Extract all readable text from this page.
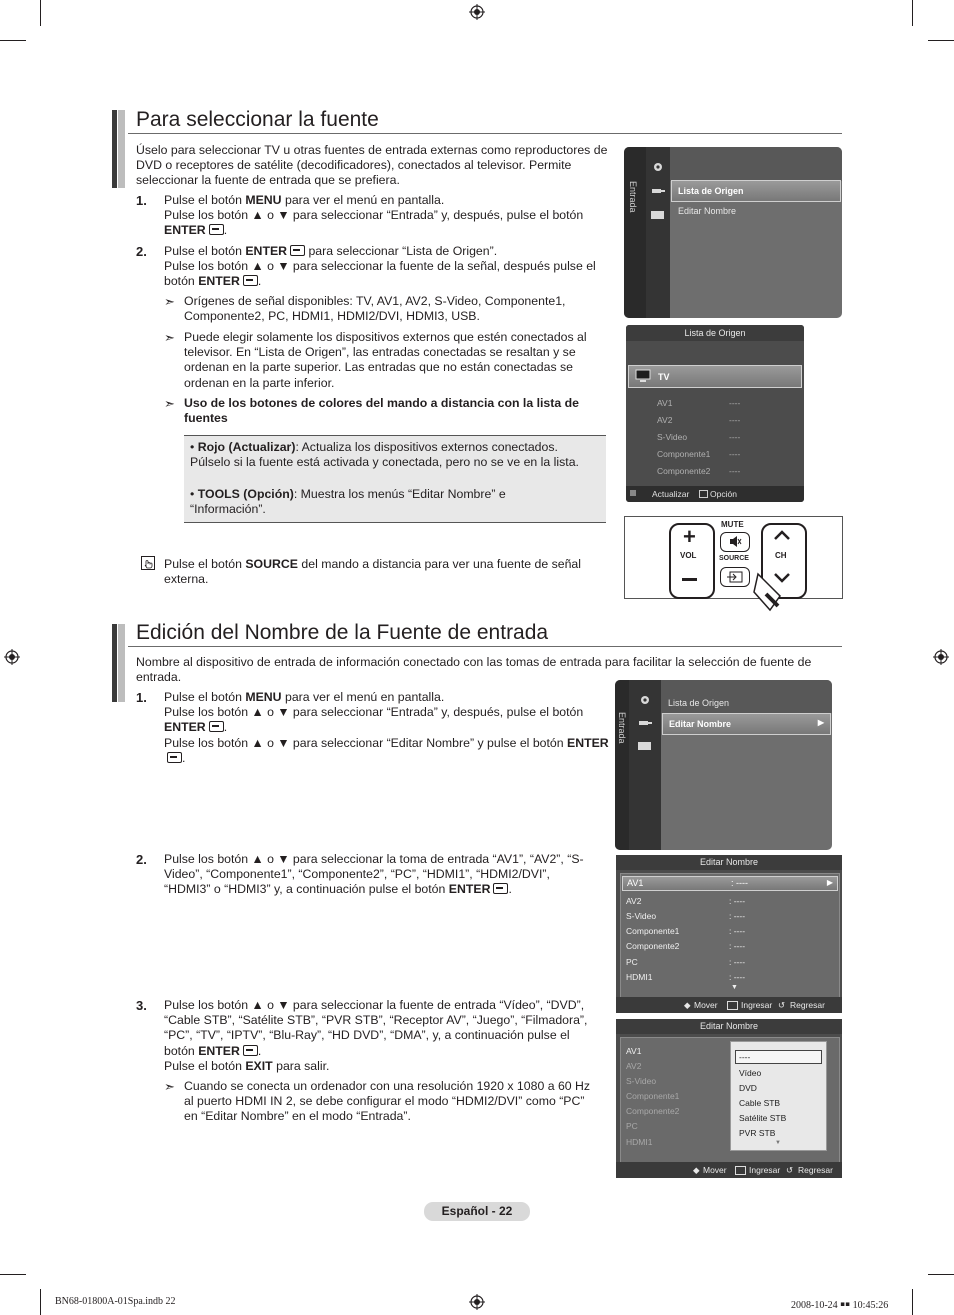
Para seleccionar la fuente
Úselo para seleccionar TV u otras fuentes de entrada externas como reproductores de DVD o receptores de satélite (decodificadores), conectados al televisor. Permite seleccionar la fuente de entrada que se prefiera.
1. Pulse el botón MENU para ver el menú en pantalla.
Pulse los botón ▲ o ▼ para seleccionar “Entrada” y, después, pulse el botón ENTER .
2. Pulse el botón ENTER para seleccionar “Lista de Origen”.
Pulse los botón ▲ o ▼ para seleccionar la fuente de la señal, después pulse el botón ENTER .
➣ Orígenes de señal disponibles: TV, AV1, AV2, S-Video, Componente1, Componente2, PC, HDMI1, HDMI2/DVI, HDMI3, USB.
➣ Puede elegir solamente los dispositivos externos que estén conectados al televisor. En “Lista de Origen”, las entradas conectadas se resaltan y se ordenan en la parte superior. Las entradas que no están conectadas se ordenan en la parte inferior.
➣ Uso de los botones de colores del mando a distancia con la lista de fuentes
• Rojo (Actualizar): Actualiza los dispositivos externos conectados. Púlselo si la fuente está activada y conectada, pero no se ve en la lista.
• TOOLS (Opción): Muestra los menús “Editar Nombre” e “Información”.
Pulse el botón SOURCE del mando a distancia para ver una fuente de señal externa.
Entrada	Lista de Origen
Editar Nombre
Lista de Origen
TV
AV1	----
AV2	----
S-Video	----
Componente1 ----
Componente2 ----
Actualizar Opción
+
VOL
MUTE
SOURCE	CH
Edición del Nombre de la Fuente de entrada
Nombre al dispositivo de entrada de información conectado con las tomas de entrada para facilitar la selección de fuente de entrada.
1. Pulse el botón MENU para ver el menú en pantalla.
Pulse los botón ▲ o ▼ para seleccionar “Entrada” y, después, pulse el botón ENTER .
Pulse los botón ▲ o ▼ para seleccionar “Editar Nombre” y pulse el botón ENTER.
2. Pulse los botón ▲ o ▼ para seleccionar la toma de entrada “AV1”, “AV2”, “S-Video”, “Componente1”, “Componente2”, “PC”, “HDMI1”, “HDMI2/DVI”, “HDMI3” o “HDMI3” y, a continuación pulse el botón ENTER .
3. Pulse los botón ▲ o ▼ para seleccionar la fuente de entrada “Vídeo”, “DVD”, “Cable STB”, “Satélite STB”, “PVR STB”, “Receptor AV”, “Juego”, “Filmadora”, “PC”, “TV”, “IPTV”, “Blu-Ray”, “HD DVD”, “DMA”, y, a continuación pulse el botón ENTER .
Pulse el botón EXIT para salir.
➣ Cuando se conecta un ordenador con una resolución 1920 x 1080 a 60 Hz al puerto HDMI IN 2, se debe configurar el modo “HDMI2/DVI” como “PC” en “Editar Nombre” en el modo “Entrada”.
Entrada
Lista de Origen
Editar Nombre	▶
Editar Nombre
AV1	: ----	▶
AV2	: ----
S-Video	: ----
Componente1	: ----
Componente2	: ----
PC	: ----
HDMI1	: ----
▼
◆ Mover	Ingresar ↺ Regresar
Editar Nombre
AV1
AV2
S-Video
Componente1
Componente2
PC
HDMI1
----
Vídeo
DVD
Cable STB
Satélite STB
PVR STB
▼
◆ Mover	Ingresar ↺ Regresar
Español - 22
BN68-01800A-01Spa.indb 22	2008-10-24 ￭￭ 10:45:26
